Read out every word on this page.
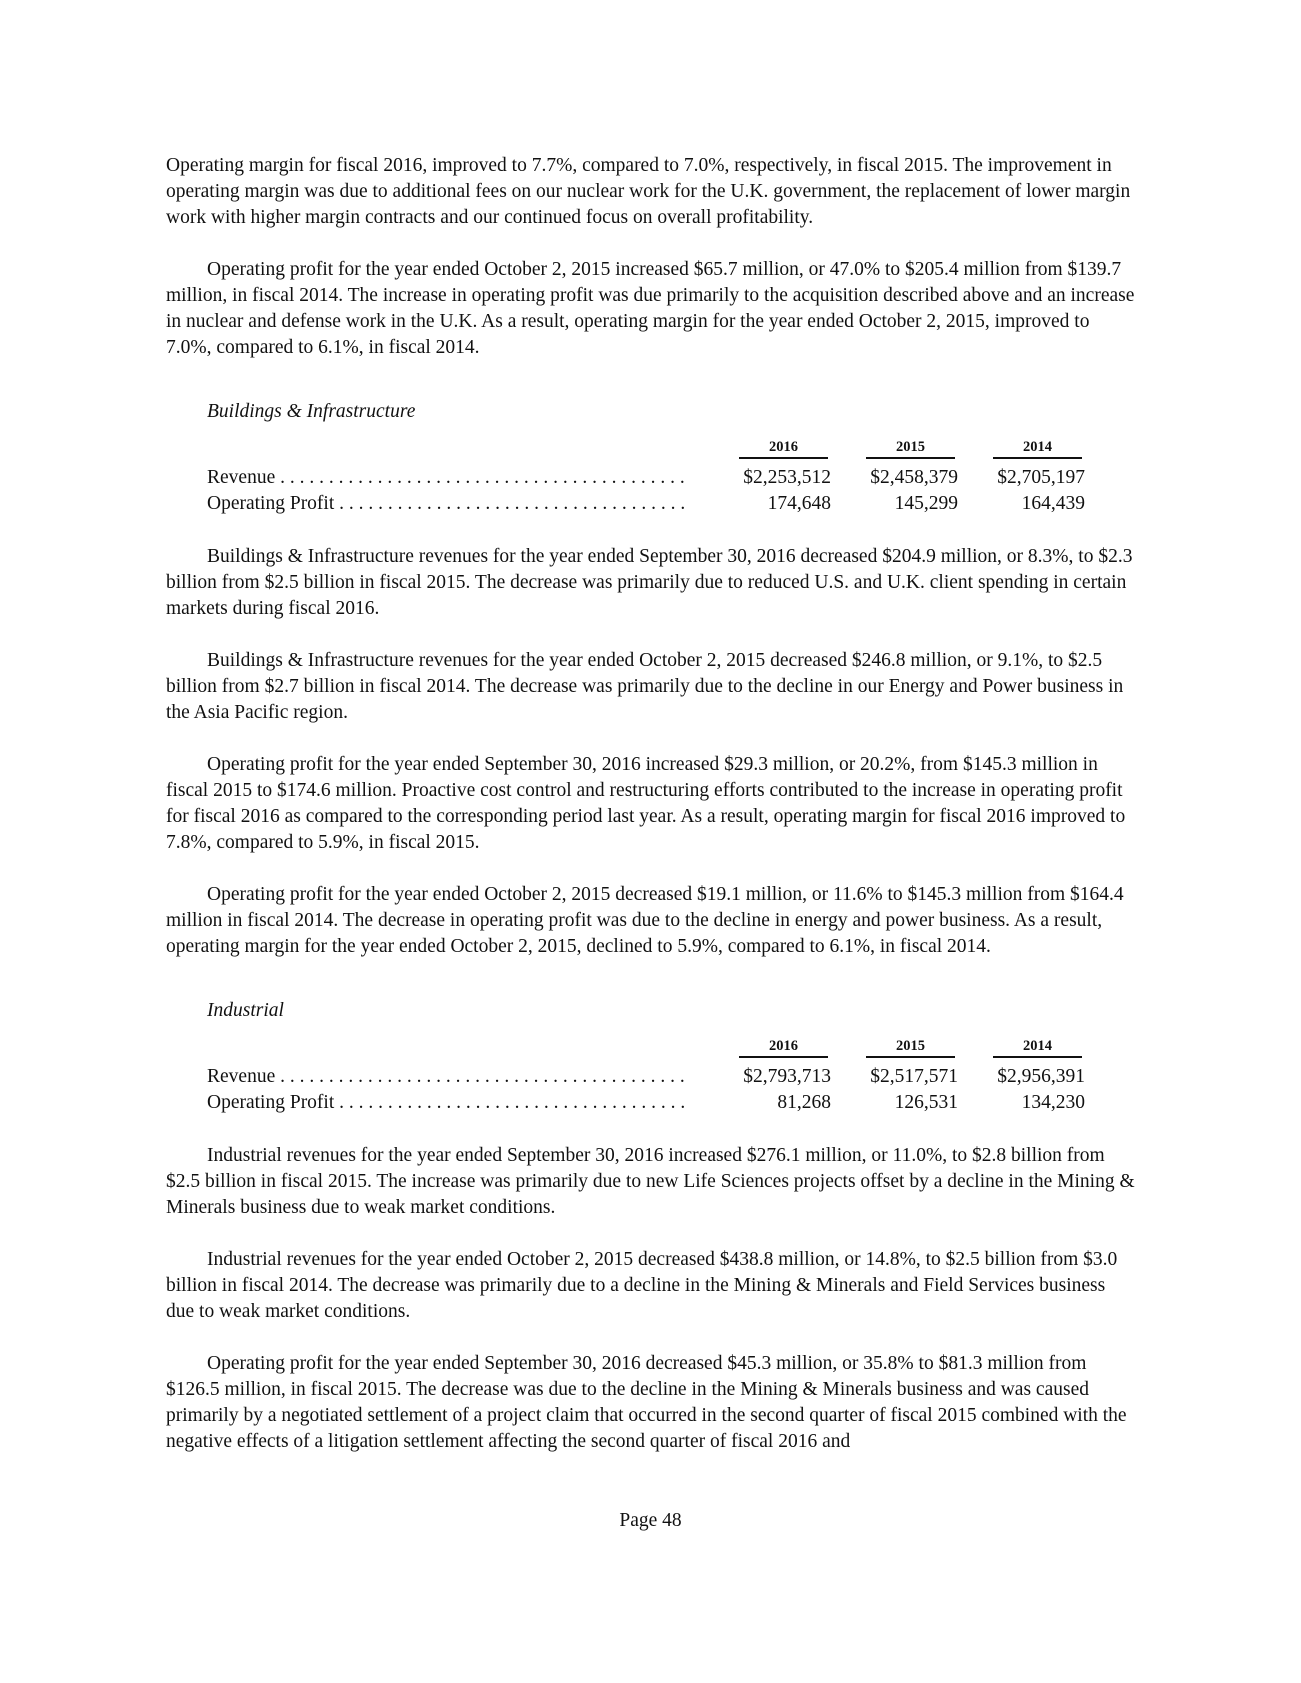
Operating margin for fiscal 2016, improved to 7.7%, compared to 7.0%, respectively, in fiscal 2015. The improvement in operating margin was due to additional fees on our nuclear work for the U.K. government, the replacement of lower margin work with higher margin contracts and our continued focus on overall profitability.

Operating profit for the year ended October 2, 2015 increased $65.7 million, or 47.0% to $205.4 million from $139.7 million, in fiscal 2014. The increase in operating profit was due primarily to the acquisition described above and an increase in nuclear and defense work in the U.K. As a result, operating margin for the year ended October 2, 2015, improved to 7.0%, compared to 6.1%, in fiscal 2014.

Buildings & Infrastructure

2016	2015	2014
Revenue . . . . . . . . . . . . . . . . . . . . . . . . . . . . . . . . . . . . . . . . . .	$2,253,512	$2,458,379	$2,705,197
Operating Profit . . . . . . . . . . . . . . . . . . . . . . . . . . . . . . . . . . . .	174,648	145,299	164,439

Buildings & Infrastructure revenues for the year ended September 30, 2016 decreased $204.9 million, or 8.3%, to $2.3 billion from $2.5 billion in fiscal 2015. The decrease was primarily due to reduced U.S. and U.K. client spending in certain markets during fiscal 2016.

Buildings & Infrastructure revenues for the year ended October 2, 2015 decreased $246.8 million, or 9.1%, to $2.5 billion from $2.7 billion in fiscal 2014. The decrease was primarily due to the decline in our Energy and Power business in the Asia Pacific region.

Operating profit for the year ended September 30, 2016 increased $29.3 million, or 20.2%, from $145.3 million in fiscal 2015 to $174.6 million. Proactive cost control and restructuring efforts contributed to the increase in operating profit for fiscal 2016 as compared to the corresponding period last year. As a result, operating margin for fiscal 2016 improved to 7.8%, compared to 5.9%, in fiscal 2015.

Operating profit for the year ended October 2, 2015 decreased $19.1 million, or 11.6% to $145.3 million from $164.4 million in fiscal 2014. The decrease in operating profit was due to the decline in energy and power business. As a result, operating margin for the year ended October 2, 2015, declined to 5.9%, compared to 6.1%, in fiscal 2014.

Industrial

2016	2015	2014
Revenue . . . . . . . . . . . . . . . . . . . . . . . . . . . . . . . . . . . . . . . . . .	$2,793,713	$2,517,571	$2,956,391
Operating Profit . . . . . . . . . . . . . . . . . . . . . . . . . . . . . . . . . . . .	81,268	126,531	134,230

Industrial revenues for the year ended September 30, 2016 increased $276.1 million, or 11.0%, to $2.8 billion from $2.5 billion in fiscal 2015. The increase was primarily due to new Life Sciences projects offset by a decline in the Mining & Minerals business due to weak market conditions.

Industrial revenues for the year ended October 2, 2015 decreased $438.8 million, or 14.8%, to $2.5 billion from $3.0 billion in fiscal 2014. The decrease was primarily due to a decline in the Mining & Minerals and Field Services business due to weak market conditions.

Operating profit for the year ended September 30, 2016 decreased $45.3 million, or 35.8% to $81.3 million from $126.5 million, in fiscal 2015. The decrease was due to the decline in the Mining & Minerals business and was caused primarily by a negotiated settlement of a project claim that occurred in the second quarter of fiscal 2015 combined with the negative effects of a litigation settlement affecting the second quarter of fiscal 2016 and

Page 48
